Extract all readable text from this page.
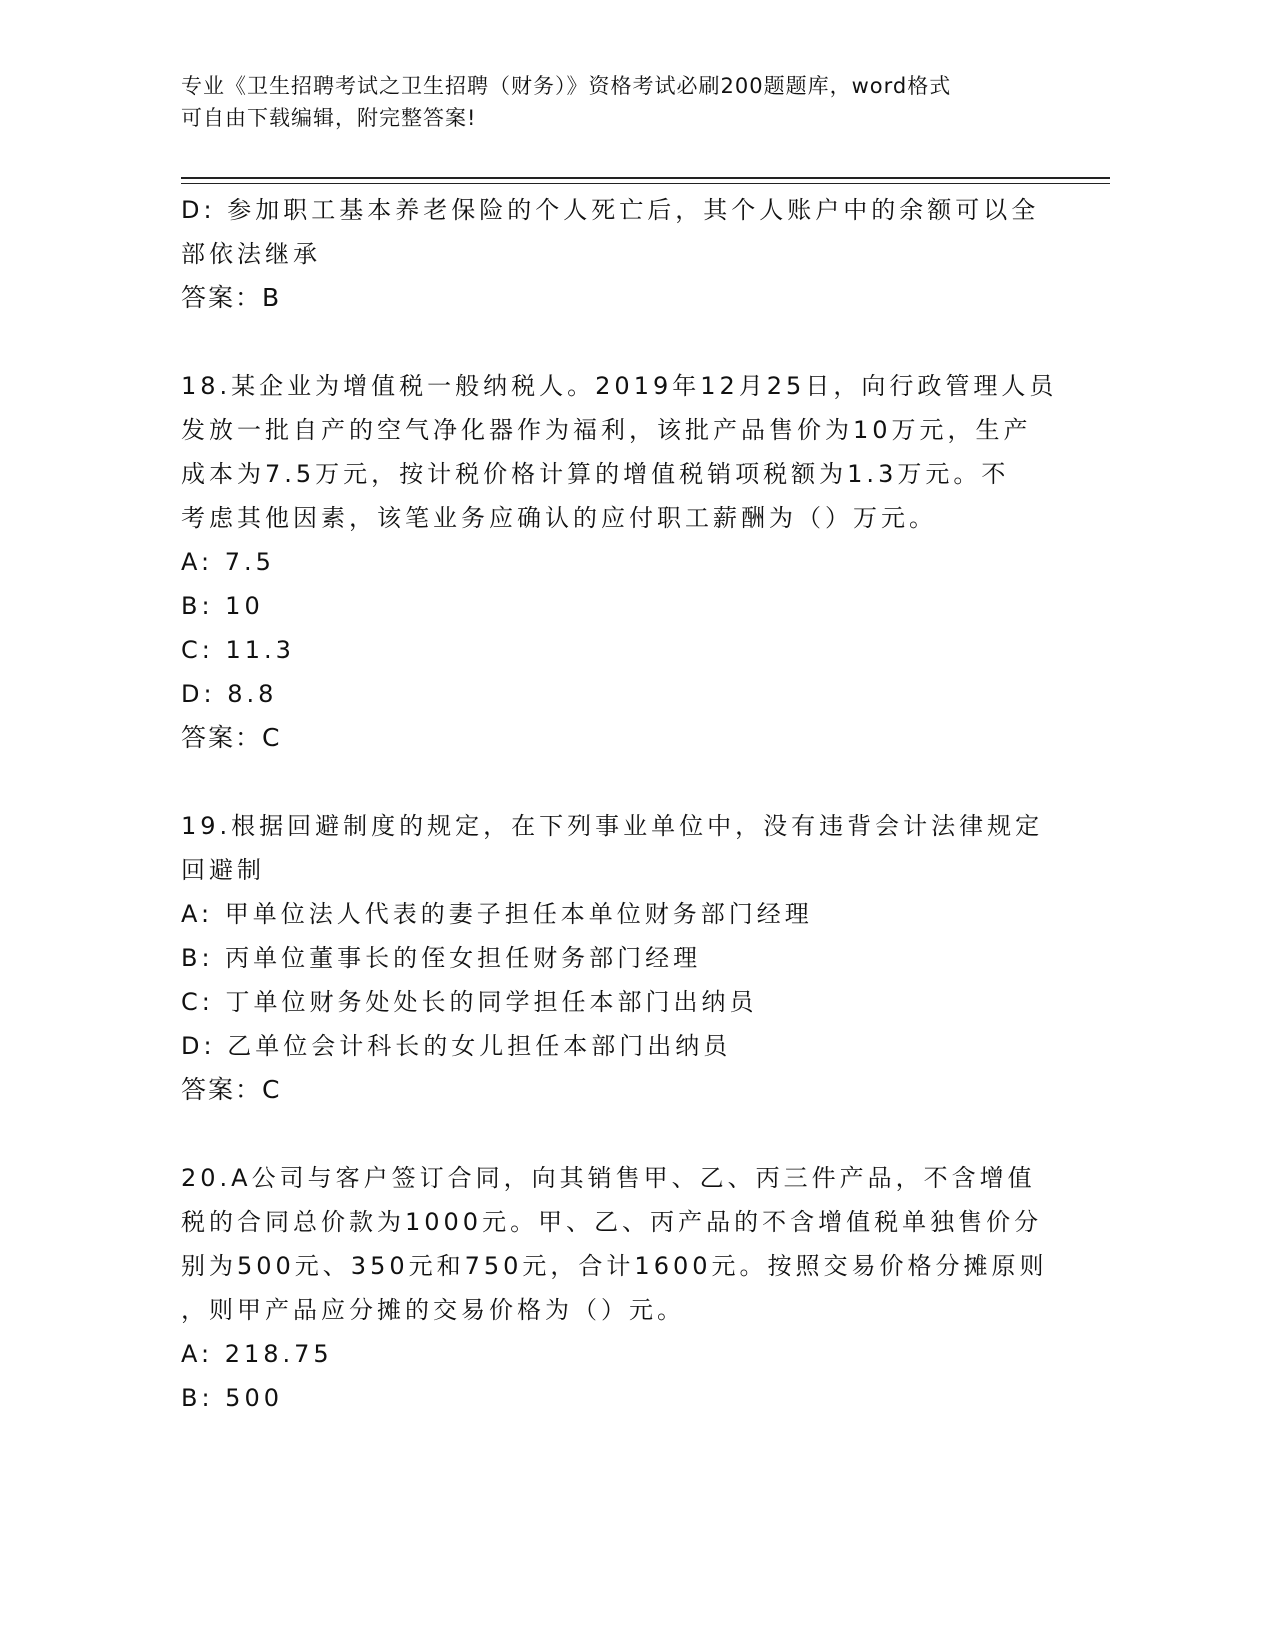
专业《卫生招聘考试之卫生招聘（财务）》资格考试必刷200题题库，word格式
可自由下载编辑，附完整答案!
D: 参加职工基本养老保险的个人死亡后，其个人账户中的余额可以全
部依法继承
答案：B
18.某企业为增值税一般纳税人。2019年12月25日，向行政管理人员
发放一批自产的空气净化器作为福利，该批产品售价为10万元，生产
成本为7.5万元，按计税价格计算的增值税销项税额为1.3万元。不
考虑其他因素，该笔业务应确认的应付职工薪酬为（）万元。
A: 7.5
B: 10
C: 11.3
D: 8.8
答案：C
19.根据回避制度的规定，在下列事业单位中，没有违背会计法律规定
回避制
A: 甲单位法人代表的妻子担任本单位财务部门经理
B: 丙单位董事长的侄女担任财务部门经理
C: 丁单位财务处处长的同学担任本部门出纳员
D: 乙单位会计科长的女儿担任本部门出纳员
答案：C
20.A公司与客户签订合同，向其销售甲、乙、丙三件产品，不含增值
税的合同总价款为1000元。甲、乙、丙产品的不含增值税单独售价分
别为500元、350元和750元，合计1600元。按照交易价格分摊原则
，则甲产品应分摊的交易价格为（）元。
A: 218.75
B: 500
